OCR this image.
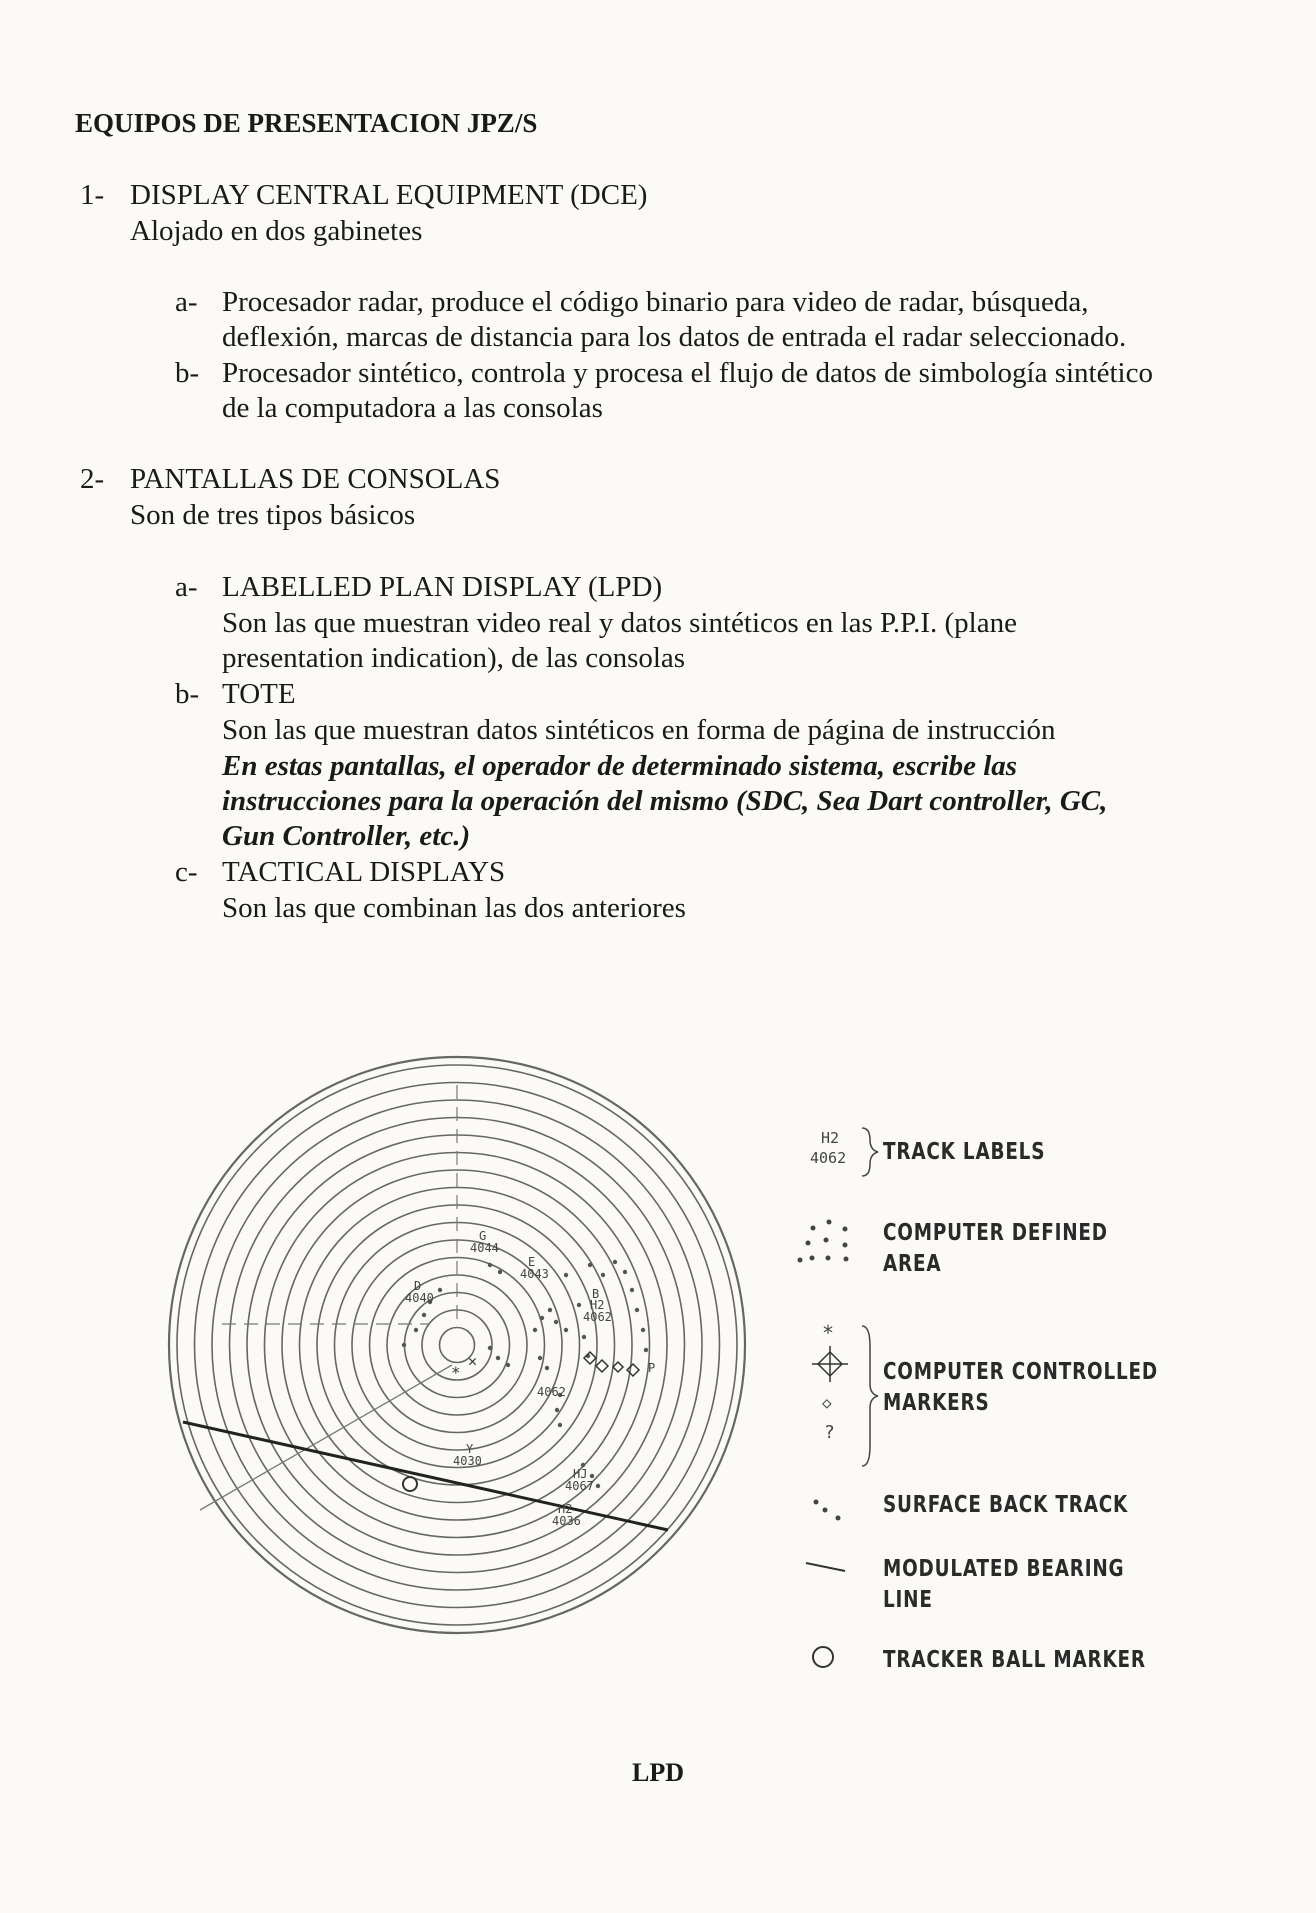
EQUIPOS DE PRESENTACION JPZ/S
1- DISPLAY CENTRAL EQUIPMENT (DCE)
Alojado en dos gabinetes
a- Procesador radar, produce el código binario para video de radar, búsqueda,
deflexión, marcas de distancia para los datos de entrada el radar seleccionado.
b- Procesador sintético, controla y procesa el flujo de datos de simbología sintético
de la computadora a las consolas
2- PANTALLAS DE CONSOLAS
Son de tres tipos básicos
a- LABELLED PLAN DISPLAY (LPD)
Son las que muestran video real y datos sintéticos en las P.P.I. (plane
presentation indication), de las consolas
b- TOTE
Son las que muestran datos sintéticos en forma de página de instrucción
En estas pantallas, el operador de determinado sistema, escribe las
instrucciones para la operación del mismo (SDC, Sea Dart controller, GC,
Gun Controller, etc.)
c- TACTICAL DISPLAYS
Son las que combinan las dos anteriores
*
✕
G
4044
E
4043
D
4040	B
H2
4062
4062
Y
4030
HJ
4067
H2
4036
P
H2
4062
*
◇
?
TRACK LABELS
COMPUTER DEFINED
AREA
COMPUTER CONTROLLED
MARKERS
SURFACE BACK TRACK
MODULATED BEARING
LINE
TRACKER BALL MARKER
LPD
